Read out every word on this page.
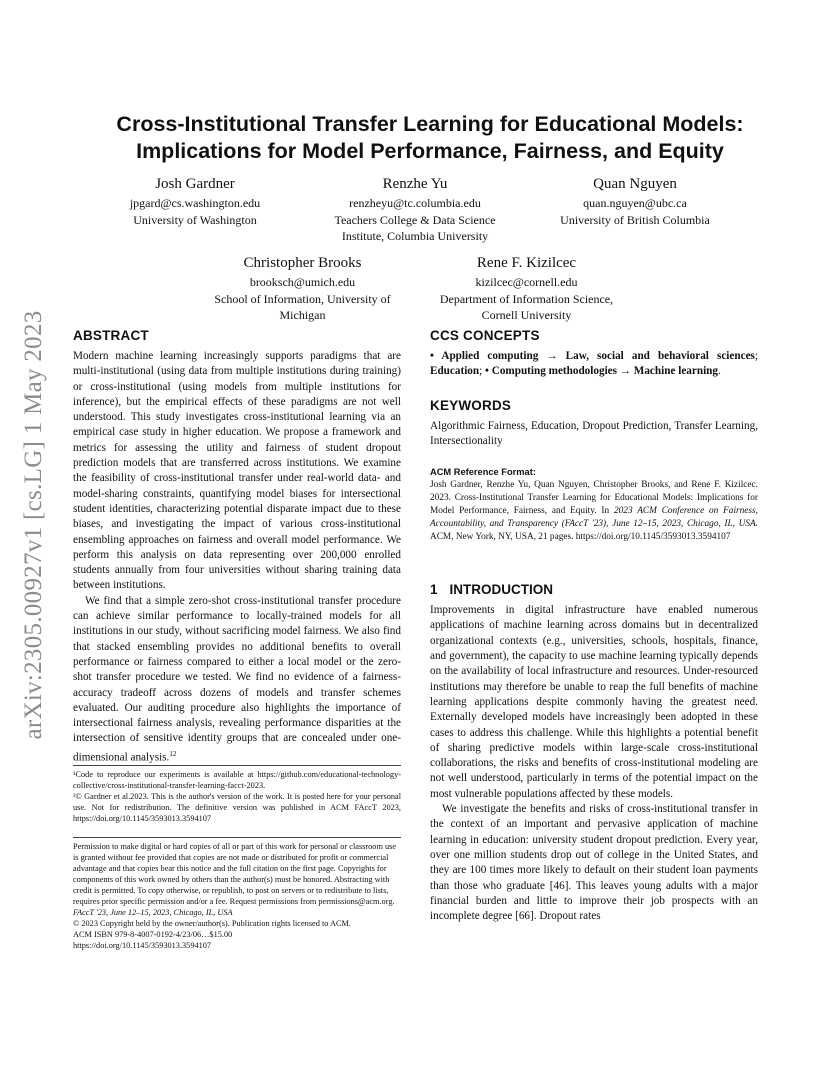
arXiv:2305.00927v1 [cs.LG] 1 May 2023
Cross-Institutional Transfer Learning for Educational Models:
Implications for Model Performance, Fairness, and Equity
Josh Gardner
jpgard@cs.washington.edu
University of Washington
Renzhe Yu
renzheyu@tc.columbia.edu
Teachers College & Data Science Institute, Columbia University
Quan Nguyen
quan.nguyen@ubc.ca
University of British Columbia
Christopher Brooks
brooksch@umich.edu
School of Information, University of Michigan
Rene F. Kizilcec
kizilcec@cornell.edu
Department of Information Science, Cornell University
ABSTRACT

Modern machine learning increasingly supports paradigms that are multi-institutional (using data from multiple institutions during training) or cross-institutional (using models from multiple institutions for inference), but the empirical effects of these paradigms are not well understood. This study investigates cross-institutional learning via an empirical case study in higher education. We propose a framework and metrics for assessing the utility and fairness of student dropout prediction models that are transferred across institutions. We examine the feasibility of cross-institutional transfer under real-world data- and model-sharing constraints, quantifying model biases for intersectional student identities, characterizing potential disparate impact due to these biases, and investigating the impact of various cross-institutional ensembling approaches on fairness and overall model performance. We perform this analysis on data representing over 200,000 enrolled students annually from four universities without sharing training data between institutions.

We find that a simple zero-shot cross-institutional transfer procedure can achieve similar performance to locally-trained models for all institutions in our study, without sacrificing model fairness. We also find that stacked ensembling provides no additional benefits to overall performance or fairness compared to either a local model or the zero-shot transfer procedure we tested. We find no evidence of a fairness-accuracy tradeoff across dozens of models and transfer schemes evaluated. Our auditing procedure also highlights the importance of intersectional fairness analysis, revealing performance disparities at the intersection of sensitive identity groups that are concealed under one-dimensional analysis.$^{12}$

¹Code to reproduce our experiments is available at https://github.com/educational-technology-collective/cross-institutional-transfer-learning-facct-2023.

²© Gardner et al.2023. This is the author's version of the work. It is posted here for your personal use. Not for redistribution. The definitive version was published in ACM FAccT 2023, https://doi.org/10.1145/3593013.3594107

Permission to make digital or hard copies of all or part of this work for personal or classroom use is granted without fee provided that copies are not made or distributed for profit or commercial advantage and that copies bear this notice and the full citation on the first page. Copyrights for components of this work owned by others than the author(s) must be honored. Abstracting with credit is permitted. To copy otherwise, or republish, to post on servers or to redistribute to lists, requires prior specific permission and/or a fee. Request permissions from permissions@acm.org.

FAccT '23, June 12–15, 2023, Chicago, IL, USA

© 2023 Copyright held by the owner/author(s). Publication rights licensed to ACM.

ACM ISBN 979-8-4007-0192-4/23/06…$15.00

https://doi.org/10.1145/3593013.3594107

CCS CONCEPTS

• Applied computing → Law, social and behavioral sciences; Education; • Computing methodologies → Machine learning.

KEYWORDS

Algorithmic Fairness, Education, Dropout Prediction, Transfer Learning, Intersectionality

ACM Reference Format:

Josh Gardner, Renzhe Yu, Quan Nguyen, Christopher Brooks, and Rene F. Kizilcec. 2023. Cross-Institutional Transfer Learning for Educational Models: Implications for Model Performance, Fairness, and Equity. In 2023 ACM Conference on Fairness, Accountability, and Transparency (FAccT '23), June 12–15, 2023, Chicago, IL, USA. ACM, New York, NY, USA, 21 pages. https://doi.org/10.1145/3593013.3594107

1 INTRODUCTION

Improvements in digital infrastructure have enabled numerous applications of machine learning across domains but in decentralized organizational contexts (e.g., universities, schools, hospitals, finance, and government), the capacity to use machine learning typically depends on the availability of local infrastructure and resources. Under-resourced institutions may therefore be unable to reap the full benefits of machine learning applications despite commonly having the greatest need. Externally developed models have increasingly been adopted in these cases to address this challenge. While this highlights a potential benefit of sharing predictive models within large-scale cross-institutional collaborations, the risks and benefits of cross-institutional modeling are not well understood, particularly in terms of the potential impact on the most vulnerable populations affected by these models.

We investigate the benefits and risks of cross-institutional transfer in the context of an important and pervasive application of machine learning in education: university student dropout prediction. Every year, over one million students drop out of college in the United States, and they are 100 times more likely to default on their student loan payments than those who graduate [46]. This leaves young adults with a major financial burden and little to improve their job prospects with an incomplete degree [66]. Dropout rates
